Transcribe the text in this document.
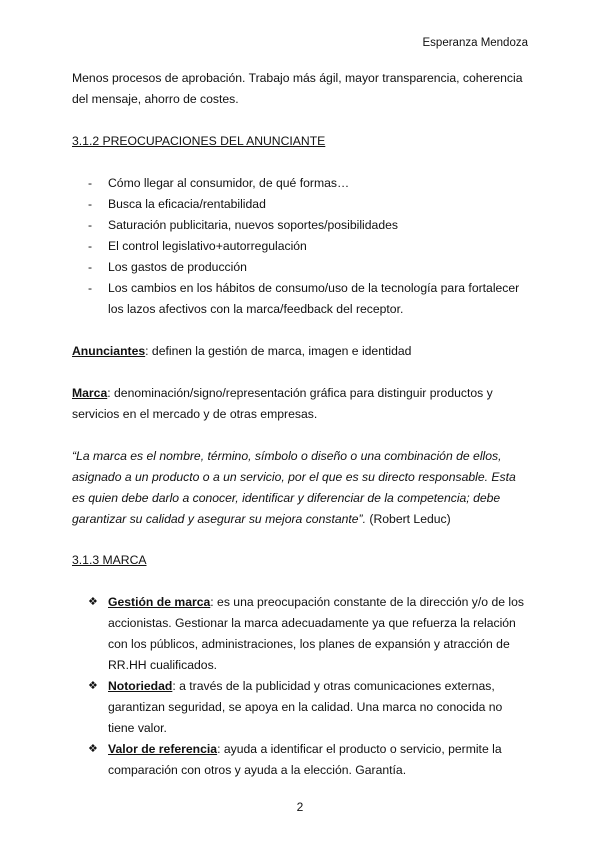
Esperanza Mendoza

Menos procesos de aprobación. Trabajo más ágil, mayor transparencia, coherencia del mensaje, ahorro de costes.

3.1.2 PREOCUPACIONES DEL ANUNCIANTE

- Cómo llegar al consumidor, de qué formas…
- Busca la eficacia/rentabilidad
- Saturación publicitaria, nuevos soportes/posibilidades
- El control legislativo+autorregulación
- Los gastos de producción
- Los cambios en los hábitos de consumo/uso de la tecnología para fortalecer los lazos afectivos con la marca/feedback del receptor.

Anunciantes: definen la gestión de marca, imagen e identidad

Marca: denominación/signo/representación gráfica para distinguir productos y servicios en el mercado y de otras empresas.

“La marca es el nombre, término, símbolo o diseño o una combinación de ellos, asignado a un producto o a un servicio, por el que es su directo responsable. Esta es quien debe darlo a conocer, identificar y diferenciar de la competencia; debe garantizar su calidad y asegurar su mejora constante”. (Robert Leduc)

3.1.3 MARCA

❖ Gestión de marca: es una preocupación constante de la dirección y/o de los accionistas. Gestionar la marca adecuadamente ya que refuerza la relación con los públicos, administraciones, los planes de expansión y atracción de RR.HH cualificados.
❖ Notoriedad: a través de la publicidad y otras comunicaciones externas, garantizan seguridad, se apoya en la calidad. Una marca no conocida no tiene valor.
❖ Valor de referencia: ayuda a identificar el producto o servicio, permite la comparación con otros y ayuda a la elección. Garantía.
2
